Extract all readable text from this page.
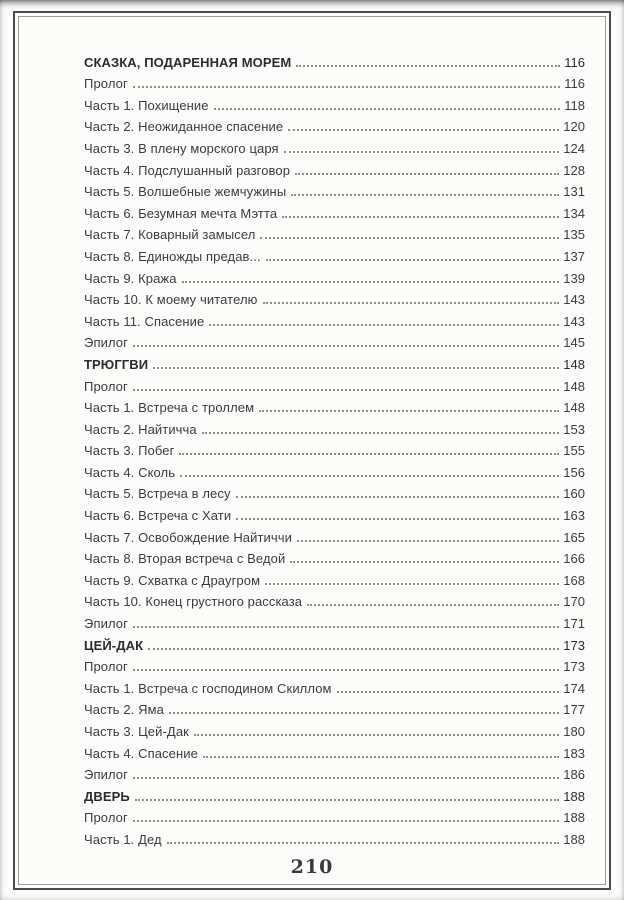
СКАЗКА, ПОДАРЕННАЯ МОРЕМ	116
Пролог	116
Часть 1. Похищение	118
Часть 2. Неожиданное спасение	120
Часть 3. В плену морского царя	124
Часть 4. Подслушанный разговор	128
Часть 5. Волшебные жемчужины	131
Часть 6. Безумная мечта Мэтта	134
Часть 7. Коварный замысел	135
Часть 8. Единожды предав...	137
Часть 9. Кража	139
Часть 10. К моему читателю	143
Часть 11. Спасение	143
Эпилог	145
ТРЮГГВИ	148
Пролог	148
Часть 1. Встреча с троллем	148
Часть 2. Найтичча	153
Часть 3. Побег	155
Часть 4. Сколь	156
Часть 5. Встреча в лесу	160
Часть 6. Встреча с Хати	163
Часть 7. Освобождение Найтиччи	165
Часть 8. Вторая встреча с Ведой	166
Часть 9. Схватка с Драугром	168
Часть 10. Конец грустного рассказа	170
Эпилог	171
ЦЕЙ-ДАК	173
Пролог	173
Часть 1. Встреча с господином Скиллом	174
Часть 2. Яма	177
Часть 3. Цей-Дак	180
Часть 4. Спасение	183
Эпилог	186
ДВЕРЬ	188
Пролог	188
Часть 1. Дед	188
210
